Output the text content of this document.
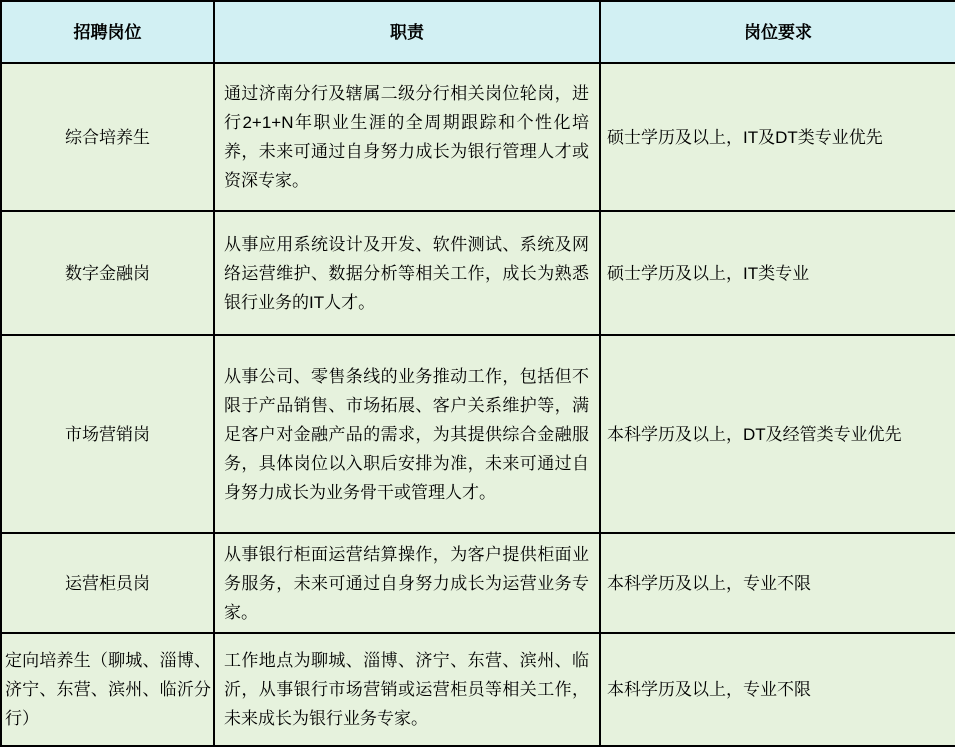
招聘岗位	职责	岗位要求
综合培养生	通过济南分行及辖属二级分行相关岗位轮岗，进行2+1+N年职业生涯的全周期跟踪和个性化培养，未来可通过自身努力成长为银行管理人才或资深专家。	硕士学历及以上，IT及DT类专业优先
数字金融岗	从事应用系统设计及开发、软件测试、系统及网络运营维护、数据分析等相关工作，成长为熟悉银行业务的IT人才。	硕士学历及以上，IT类专业
市场营销岗	从事公司、零售条线的业务推动工作，包括但不限于产品销售、市场拓展、客户关系维护等，满足客户对金融产品的需求，为其提供综合金融服务，具体岗位以入职后安排为准，未来可通过自身努力成长为业务骨干或管理人才。	本科学历及以上，DT及经管类专业优先
运营柜员岗	从事银行柜面运营结算操作，为客户提供柜面业务服务，未来可通过自身努力成长为运营业务专家。	本科学历及以上，专业不限
定向培养生（聊城、淄博、济宁、东营、滨州、临沂分行）	工作地点为聊城、淄博、济宁、东营、滨州、临沂，从事银行市场营销或运营柜员等相关工作，未来成长为银行业务专家。	本科学历及以上，专业不限
